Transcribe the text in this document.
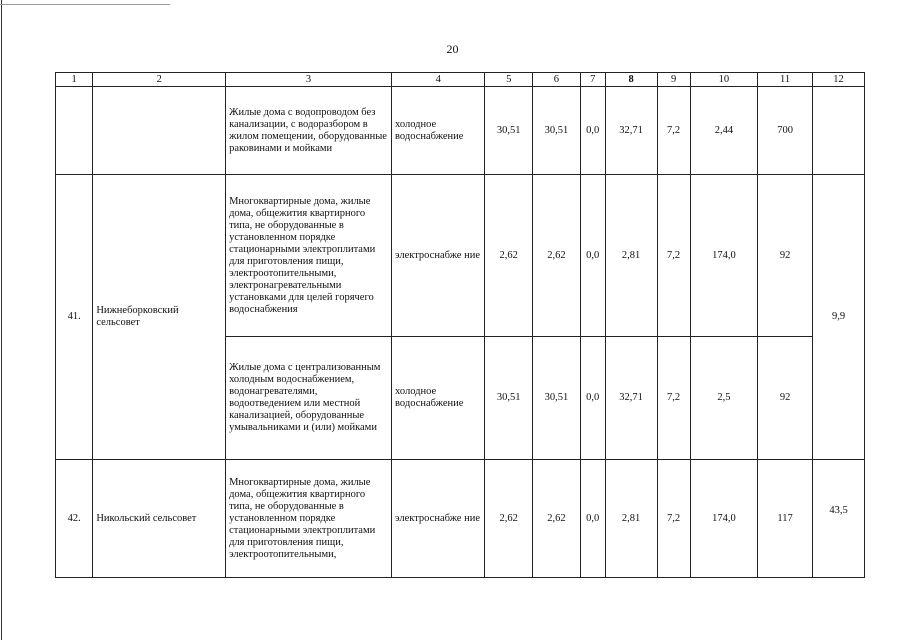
20
1	2	3	4	5	6	7	8	9	10	11	12
		Жилые дома с водопроводом без канализации, с водоразбором в жилом помещении, оборудованные раковинами и мойками	холодное водоснабжение	30,51	30,51	0,0	32,71	7,2	2,44	700	
41.	Нижнеборковский сельсовет	Многоквартирные дома, жилые дома, общежития квартирного типа, не оборудованные в установленном порядке стационарными электроплитами для приготовления пищи, электроотопительными, электронагревательными установками для целей горячего водоснабжения	электроснабже ние	2,62	2,62	0,0	2,81	7,2	174,0	92	9,9
		Жилые дома с централизованным холодным водоснабжением, водонагревателями, водоотведением или местной канализацией, оборудованные умывальниками и (или) мойками	холодное водоснабжение	30,51	30,51	0,0	32,71	7,2	2,5	92	
42.	Никольский сельсовет	Многоквартирные дома, жилые дома, общежития квартирного типа, не оборудованные в установленном порядке стационарными электроплитами для приготовления пищи, электроотопительными,	электроснабже ние	2,62	2,62	0,0	2,81	7,2	174,0	117	43,5
